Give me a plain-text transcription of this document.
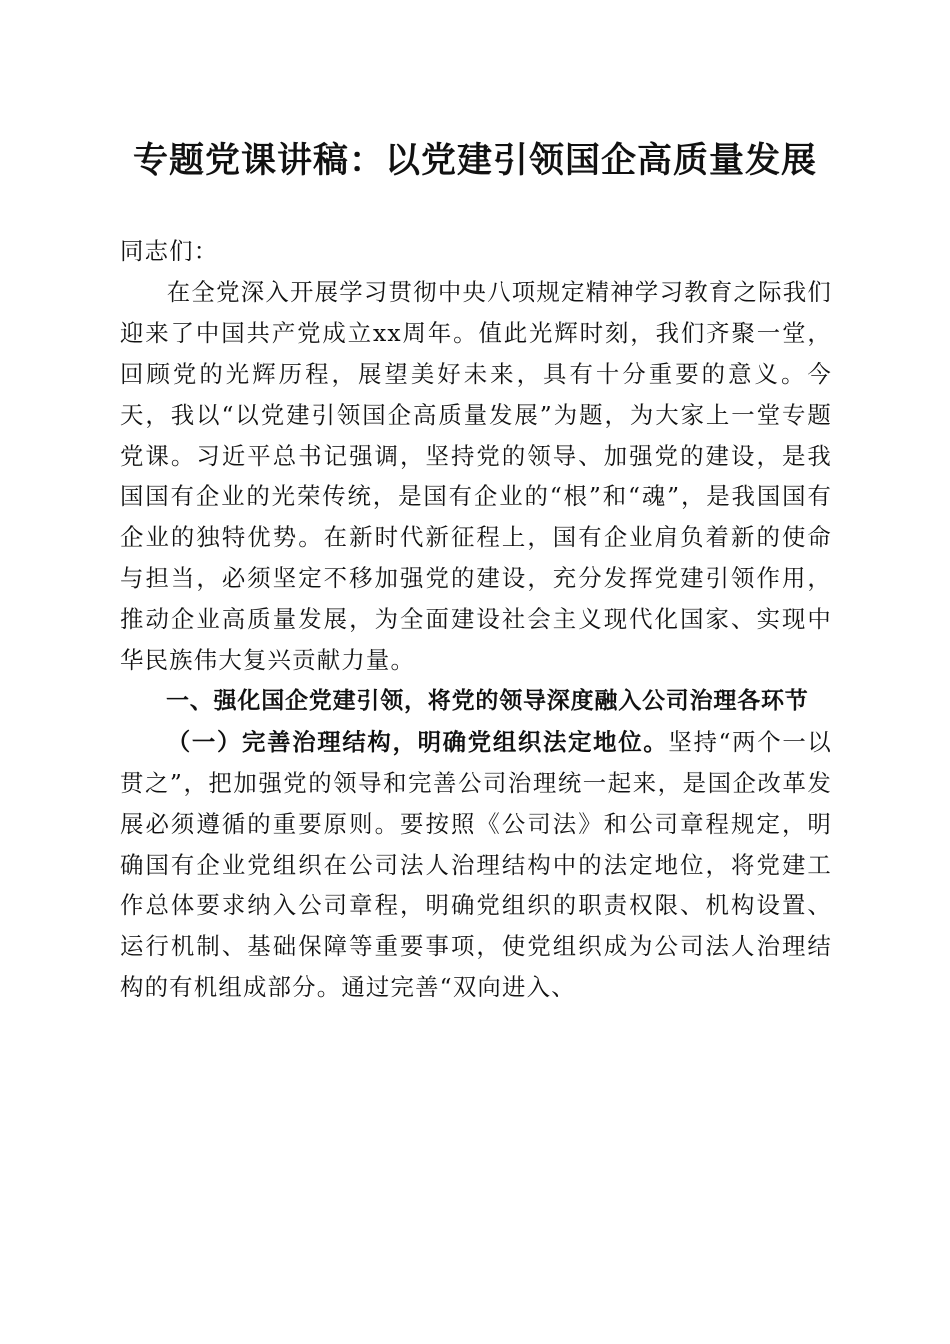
专题党课讲稿：以党建引领国企高质量发展

同志们：

在全党深入开展学习贯彻中央八项规定精神学习教育之际我们迎来了中国共产党成立xx周年。值此光辉时刻，我们齐聚一堂，回顾党的光辉历程，展望美好未来，具有十分重要的意义。今天，我以“以党建引领国企高质量发展”为题，为大家上一堂专题党课。习近平总书记强调，坚持党的领导、加强党的建设，是我国国有企业的光荣传统，是国有企业的“根”和“魂”，是我国国有企业的独特优势。在新时代新征程上，国有企业肩负着新的使命与担当，必须坚定不移加强党的建设，充分发挥党建引领作用，推动企业高质量发展，为全面建设社会主义现代化国家、实现中华民族伟大复兴贡献力量。

一、强化国企党建引领，将党的领导深度融入公司治理各环节

（一）完善治理结构，明确党组织法定地位。坚持“两个一以贯之”，把加强党的领导和完善公司治理统一起来，是国企改革发展必须遵循的重要原则。要按照《公司法》和公司章程规定，明确国有企业党组织在公司法人治理结构中的法定地位，将党建工作总体要求纳入公司章程，明确党组织的职责权限、机构设置、运行机制、基础保障等重要事项，使党组织成为公司法人治理结构的有机组成部分。通过完善“双向进入、
